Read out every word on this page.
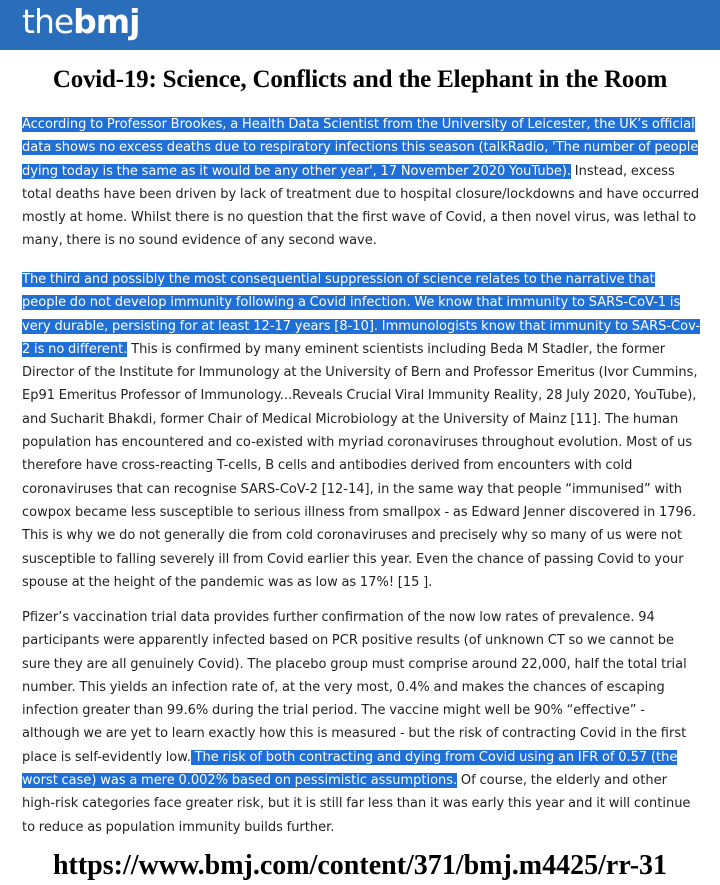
thebmj
Covid-19: Science, Conflicts and the Elephant in the Room

According to Professor Brookes, a Health Data Scientist from the University of Leicester, the UK’s official data shows no excess deaths due to respiratory infections this season (talkRadio, 'The number of people dying today is the same as it would be any other year', 17 November 2020 YouTube). Instead, excess total deaths have been driven by lack of treatment due to hospital closure/lockdowns and have occurred mostly at home. Whilst there is no question that the first wave of Covid, a then novel virus, was lethal to many, there is no sound evidence of any second wave.

The third and possibly the most consequential suppression of science relates to the narrative that people do not develop immunity following a Covid infection. We know that immunity to SARS-CoV-1 is very durable, persisting for at least 12-17 years [8-10]. Immunologists know that immunity to SARS-Cov-2 is no different. This is confirmed by many eminent scientists including Beda M Stadler, the former Director of the Institute for Immunology at the University of Bern and Professor Emeritus (Ivor Cummins, Ep91 Emeritus Professor of Immunology...Reveals Crucial Viral Immunity Reality, 28 July 2020, YouTube), and Sucharit Bhakdi, former Chair of Medical Microbiology at the University of Mainz [11]. The human population has encountered and co-existed with myriad coronaviruses throughout evolution. Most of us therefore have cross-reacting T-cells, B cells and antibodies derived from encounters with cold coronaviruses that can recognise SARS-CoV-2 [12-14], in the same way that people “immunised” with cowpox became less susceptible to serious illness from smallpox - as Edward Jenner discovered in 1796. This is why we do not generally die from cold coronaviruses and precisely why so many of us were not susceptible to falling severely ill from Covid earlier this year. Even the chance of passing Covid to your spouse at the height of the pandemic was as low as 17%! [15 ].

Pfizer’s vaccination trial data provides further confirmation of the now low rates of prevalence. 94 participants were apparently infected based on PCR positive results (of unknown CT so we cannot be sure they are all genuinely Covid). The placebo group must comprise around 22,000, half the total trial number. This yields an infection rate of, at the very most, 0.4% and makes the chances of escaping infection greater than 99.6% during the trial period. The vaccine might well be 90% “effective” - although we are yet to learn exactly how this is measured - but the risk of contracting Covid in the first place is self-evidently low. The risk of both contracting and dying from Covid using an IFR of 0.57 (the worst case) was a mere 0.002% based on pessimistic assumptions. Of course, the elderly and other high-risk categories face greater risk, but it is still far less than it was early this year and it will continue to reduce as population immunity builds further.

https://www.bmj.com/content/371/bmj.m4425/rr-31
